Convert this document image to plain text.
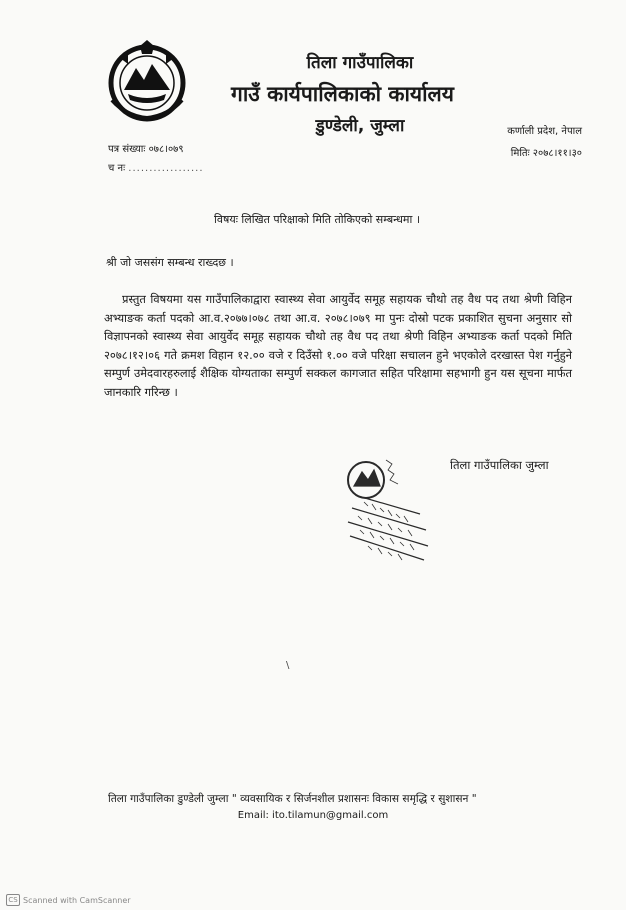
तिला गाउँपालिका
गाउँ कार्यपालिकाको कार्यालय
डुण्डेली, जुम्ला	कर्णाली प्रदेश, नेपाल
मितिः २०७८।११।३०
पत्र संख्याः ०७८।०७९
च नः ..................
विषयः लिखित परिक्षाको मिति तोकिएको सम्बन्धमा ।
श्री जो जससंग सम्बन्ध राख्दछ ।
प्रस्तुत विषयमा यस गाउँपालिकाद्वारा स्वास्थ्य सेवा आयुर्वेद समूह सहायक चौथो तह वैध पद तथा श्रेणी विहिन अभ्याङक कर्ता पदको आ.व.२०७७।०७८ तथा आ.व. २०७८।०७९ मा पुनः दोस्रो पटक प्रकाशित सुचना अनुसार सो विज्ञापनको स्वास्थ्य सेवा आयुर्वेद समूह सहायक चौथो तह वैध पद तथा श्रेणी विहिन अभ्याङक कर्ता पदको मिति २०७८।१२।०६ गते क्रमश विहान १२.०० वजे र दिउँसो १.०० वजे परिक्षा सचालन हुने भएकोले दरखास्त पेश गर्नुहुने सम्पुर्ण उमेदवारहरुलाई शैक्षिक योग्यताका सम्पुर्ण सक्कल कागजात सहित परिक्षामा सहभागी हुन यस सूचना मार्फत जानकारि गरिन्छ ।
तिला गाउँपालिका जुम्ला
\
तिला गाउँपालिका डुण्डेली जुम्ला " व्यवसायिक र सिर्जनशील प्रशासनः विकास समृद्धि र सुशासन "
Email: ito.tilamun@gmail.com
CS Scanned with CamScanner
